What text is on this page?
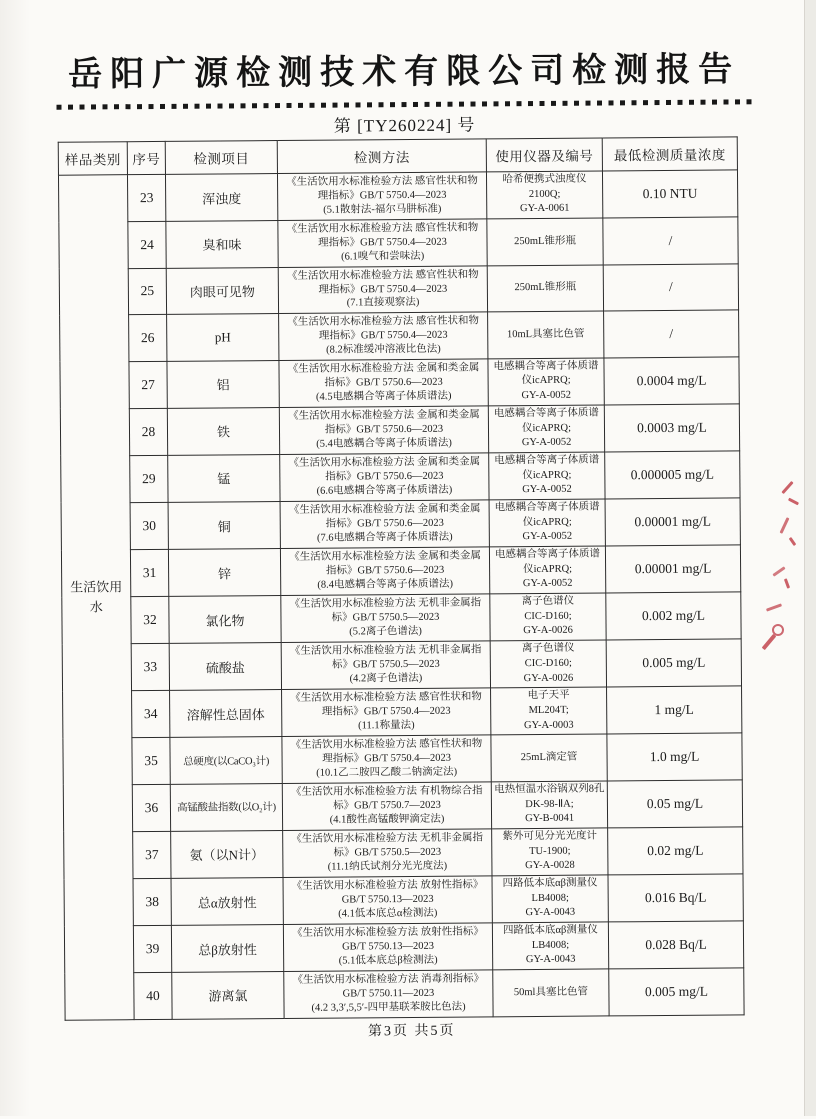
岳阳广源检测技术有限公司检测报告
第 [TY260224] 号
样品类别	序号	检测项目	检测方法	使用仪器及编号	最低检测质量浓度
生活饮用水	23	浑浊度	
《生活饮用水标准检验方法 感官性状和物理指标》GB/T 5750.4—2023
(5.1散射法-福尔马肼标准)
	哈希便携式浊度仪
2100Q;
GY-A-0061	0.10 NTU
	24	臭和味	《生活饮用水标准检验方法 感官性状和物理指标》GB/T 5750.4—2023
(6.1嗅气和尝味法)	250mL锥形瓶	/
	25	肉眼可见物	《生活饮用水标准检验方法 感官性状和物理指标》GB/T 5750.4—2023
(7.1直接观察法)	250mL锥形瓶	/
	26	pH	《生活饮用水标准检验方法 感官性状和物理指标》GB/T 5750.4—2023
(8.2标准缓冲溶液比色法)	10mL具塞比色管	/
27	铝	
《生活饮用水标准检验方法 金属和类金属指标》GB/T 5750.6—2023
(4.5电感耦合等离子体质谱法)
	电感耦合等离子体质谱仪icAPRQ;
GY-A-0052	0.0004 mg/L
28	铁	
《生活饮用水标准检验方法 金属和类金属指标》GB/T 5750.6—2023
(5.4电感耦合等离子体质谱法)
	电感耦合等离子体质谱仪icAPRQ;
GY-A-0052	0.0003 mg/L
29	锰	
《生活饮用水标准检验方法 金属和类金属指标》GB/T 5750.6—2023
(6.6电感耦合等离子体质谱法)
	电感耦合等离子体质谱仪icAPRQ;
GY-A-0052	0.000005 mg/L
30	铜	
《生活饮用水标准检验方法 金属和类金属指标》GB/T 5750.6—2023
(7.6电感耦合等离子体质谱法)
	电感耦合等离子体质谱仪icAPRQ;
GY-A-0052	0.00001 mg/L
31	锌	
《生活饮用水标准检验方法 金属和类金属指标》GB/T 5750.6—2023
(8.4电感耦合等离子体质谱法)
	电感耦合等离子体质谱仪icAPRQ;
GY-A-0052	0.00001 mg/L
32	氯化物	
《生活饮用水标准检验方法 无机非金属指标》GB/T 5750.5—2023
(5.2离子色谱法)
	离子色谱仪
CIC-D160;
GY-A-0026	0.002 mg/L
33	硫酸盐	
《生活饮用水标准检验方法 无机非金属指标》GB/T 5750.5—2023
(4.2离子色谱法)
	离子色谱仪
CIC-D160;
GY-A-0026	0.005 mg/L
34	溶解性总固体	
《生活饮用水标准检验方法 感官性状和物理指标》GB/T 5750.4—2023
(11.1称量法)
	电子天平
ML204T;
GY-A-0003	1 mg/L
	35	总硬度(以CaCO₃计)	《生活饮用水标准检验方法 感官性状和物理指标》GB/T 5750.4—2023
(10.1乙二胺四乙酸二钠滴定法)	25mL滴定管	1.0 mg/L
36	高锰酸盐指数(以O₂计)	
《生活饮用水标准检验方法 有机物综合指标》GB/T 5750.7—2023
(4.1酸性高锰酸钾滴定法)
	电热恒温水浴锅双列8孔
DK-98-ⅡA;
GY-B-0041	0.05 mg/L
37	氨（以N计）	
《生活饮用水标准检验方法 无机非金属指标》GB/T 5750.5—2023
(11.1纳氏试剂分光光度法)
	紫外可见分光光度计
TU-1900;
GY-A-0028	0.02 mg/L
38	总α放射性	
《生活饮用水标准检验方法 放射性指标》GB/T 5750.13—2023
(4.1低本底总α检测法)
	四路低本底αβ测量仪
LB4008;
GY-A-0043	0.016 Bq/L
39	总β放射性	
《生活饮用水标准检验方法 放射性指标》GB/T 5750.13—2023
(5.1低本底总β检测法)
	四路低本底αβ测量仪
LB4008;
GY-A-0043	0.028 Bq/L
	40	游离氯	《生活饮用水标准检验方法 消毒剂指标》GB/T 5750.11—2023
(4.2 3,3′,5,5′-四甲基联苯胺比色法)	50ml具塞比色管	0.005 mg/L
第3页 共5页
